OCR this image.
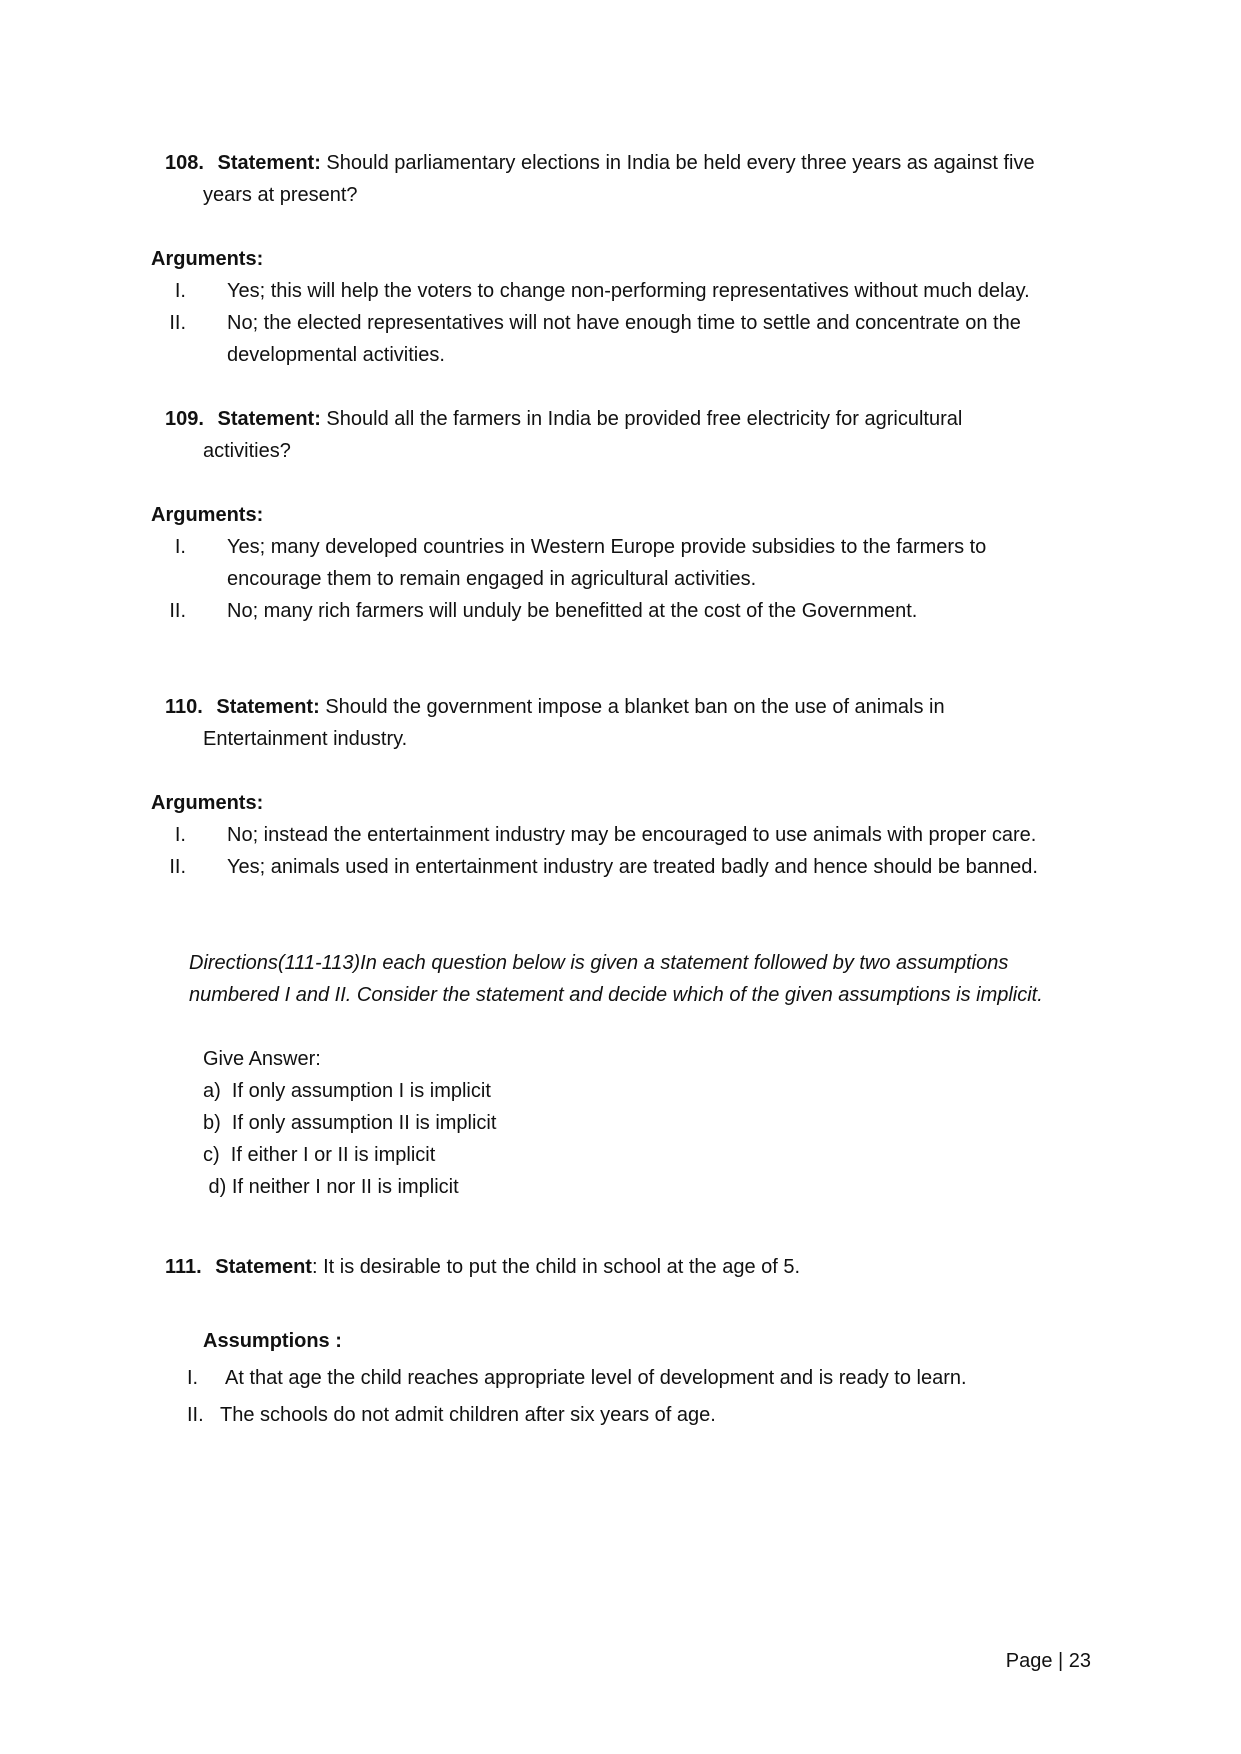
108. Statement: Should parliamentary elections in India be held every three years as against five
years at present?
Arguments:
I. Yes; this will help the voters to change non-performing representatives without much delay.
II. No; the elected representatives will not have enough time to settle and concentrate on the
developmental activities.
109. Statement: Should all the farmers in India be provided free electricity for agricultural
activities?
Arguments:
I. Yes; many developed countries in Western Europe provide subsidies to the farmers to
encourage them to remain engaged in agricultural activities.
II. No; many rich farmers will unduly be benefitted at the cost of the Government.
110. Statement: Should the government impose a blanket ban on the use of animals in
Entertainment industry.
Arguments:
I. No; instead the entertainment industry may be encouraged to use animals with proper care.
II. Yes; animals used in entertainment industry are treated badly and hence should be banned.
Directions(111-113)In each question below is given a statement followed by two assumptions
numbered I and II. Consider the statement and decide which of the given assumptions is implicit.
Give Answer:
a)  If only assumption I is implicit
b)  If only assumption II is implicit
c)  If either I or II is implicit
d) If neither I nor II is implicit
111. Statement: It is desirable to put the child in school at the age of 5.
Assumptions :
I. At that age the child reaches appropriate level of development and is ready to learn.
II. The schools do not admit children after six years of age.
Page | 23
